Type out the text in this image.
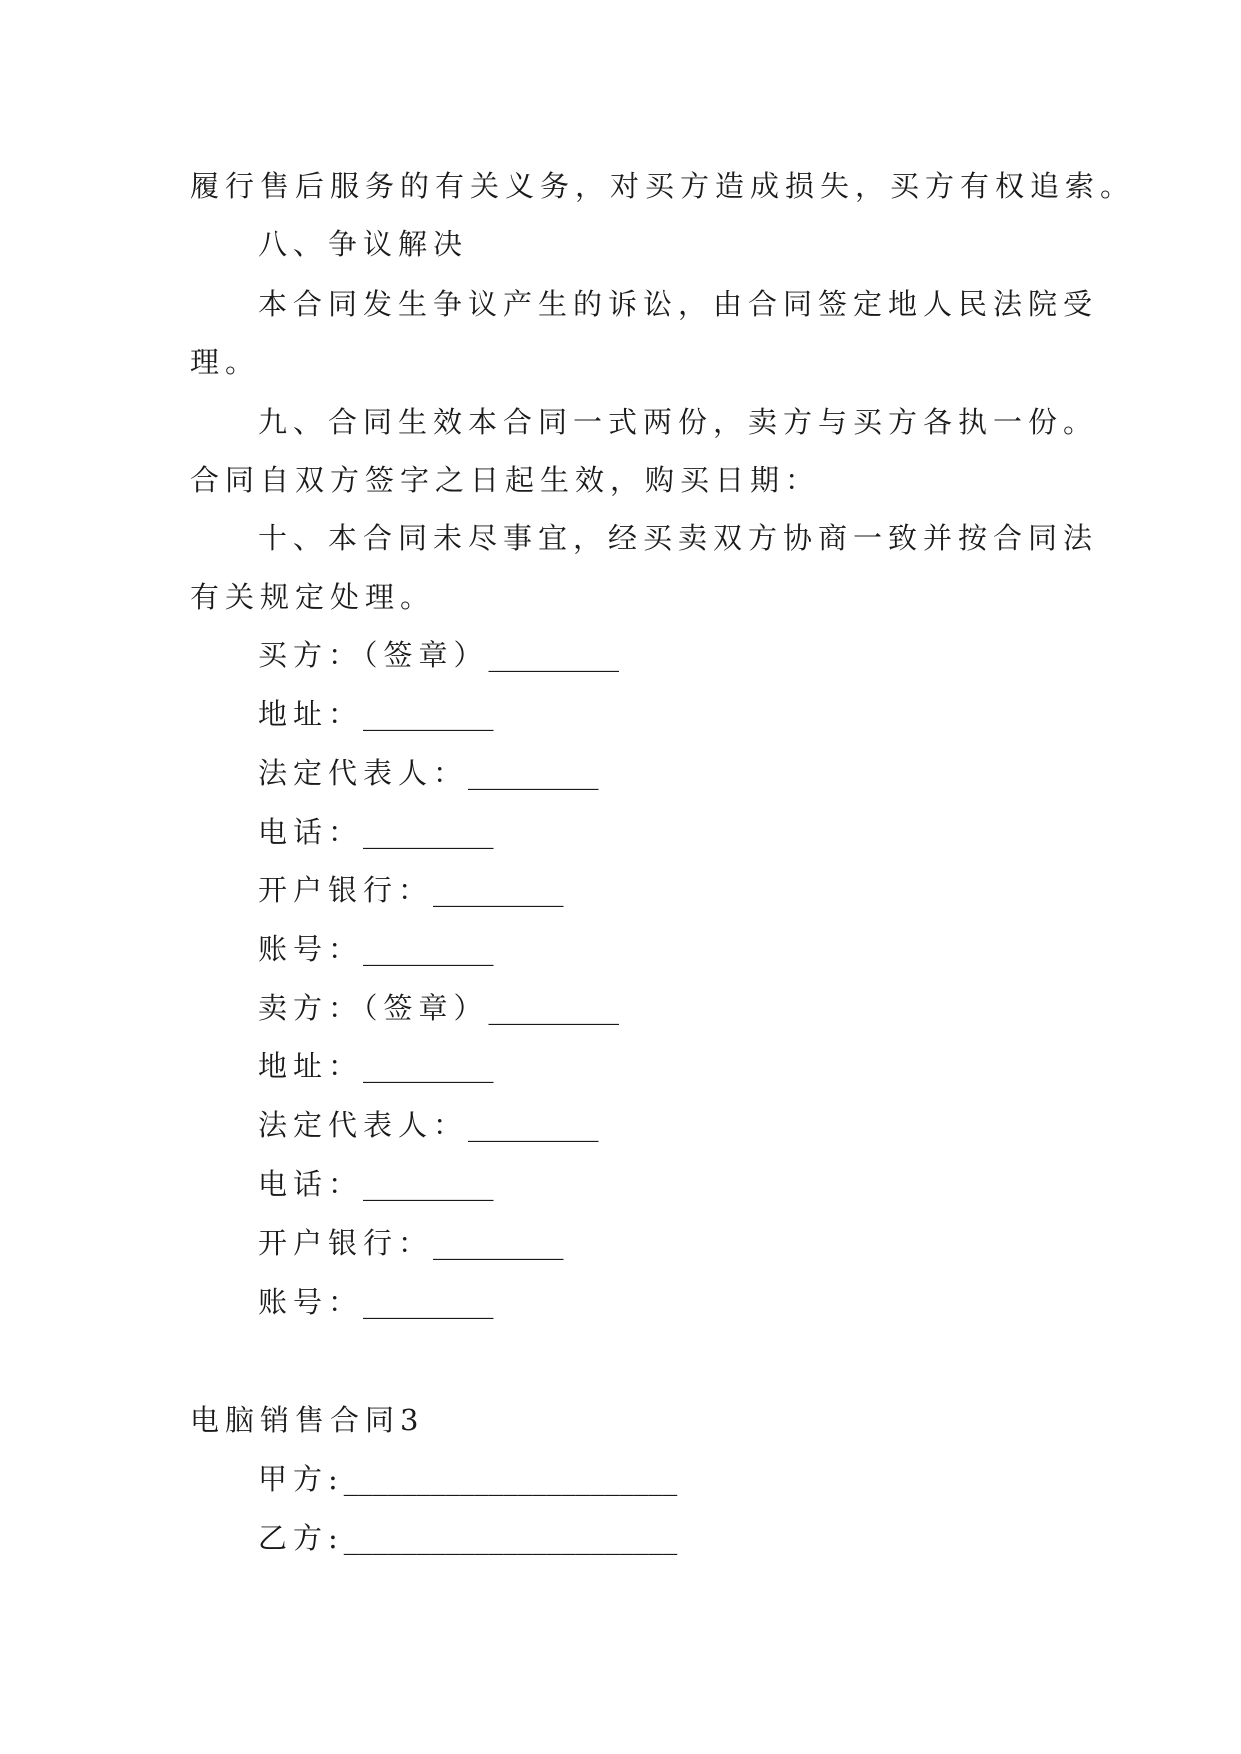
履行售后服务的有关义务，对买方造成损失，买方有权追索。
八、争议解决
本合同发生争议产生的诉讼，由合同签定地人民法院受
理。
九、合同生效本合同一式两份，卖方与买方各执一份。
合同自双方签字之日起生效，购买日期：
十、本合同未尽事宜，经买卖双方协商一致并按合同法
有关规定处理。
买方：（签章）_________
地址：_________
法定代表人：_________
电话：_________
开户银行：_________
账号：_________
卖方：（签章）_________
地址：_________
法定代表人：_________
电话：_________
开户银行：_________
账号：_________
电脑销售合同3
甲方:_______________________
乙方:_______________________
